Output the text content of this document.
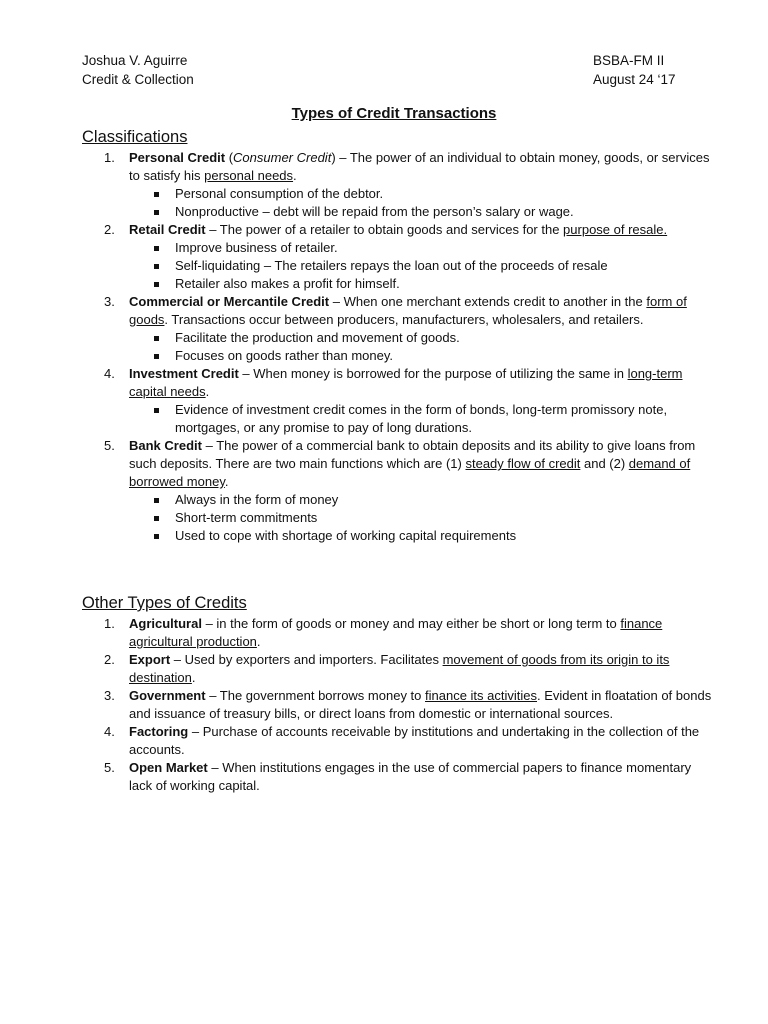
Joshua V. Aguirre
Credit & Collection
BSBA-FM II
August 24 ‘17
Types of Credit Transactions
Classifications
1. Personal Credit (Consumer Credit) – The power of an individual to obtain money, goods, or services to satisfy his personal needs.
Personal consumption of the debtor.
Nonproductive – debt will be repaid from the person’s salary or wage.
2. Retail Credit – The power of a retailer to obtain goods and services for the purpose of resale.
Improve business of retailer.
Self-liquidating – The retailers repays the loan out of the proceeds of resale
Retailer also makes a profit for himself.
3. Commercial or Mercantile Credit – When one merchant extends credit to another in the form of goods. Transactions occur between producers, manufacturers, wholesalers, and retailers.
Facilitate the production and movement of goods.
Focuses on goods rather than money.
4. Investment Credit – When money is borrowed for the purpose of utilizing the same in long-term capital needs.
Evidence of investment credit comes in the form of bonds, long-term promissory note, mortgages, or any promise to pay of long durations.
5. Bank Credit – The power of a commercial bank to obtain deposits and its ability to give loans from such deposits. There are two main functions which are (1) steady flow of credit and (2) demand of borrowed money.
Always in the form of money
Short-term commitments
Used to cope with shortage of working capital requirements
Other Types of Credits
1. Agricultural – in the form of goods or money and may either be short or long term to finance agricultural production.
2. Export – Used by exporters and importers. Facilitates movement of goods from its origin to its destination.
3. Government – The government borrows money to finance its activities. Evident in floatation of bonds and issuance of treasury bills, or direct loans from domestic or international sources.
4. Factoring – Purchase of accounts receivable by institutions and undertaking in the collection of the accounts.
5. Open Market – When institutions engages in the use of commercial papers to finance momentary lack of working capital.
